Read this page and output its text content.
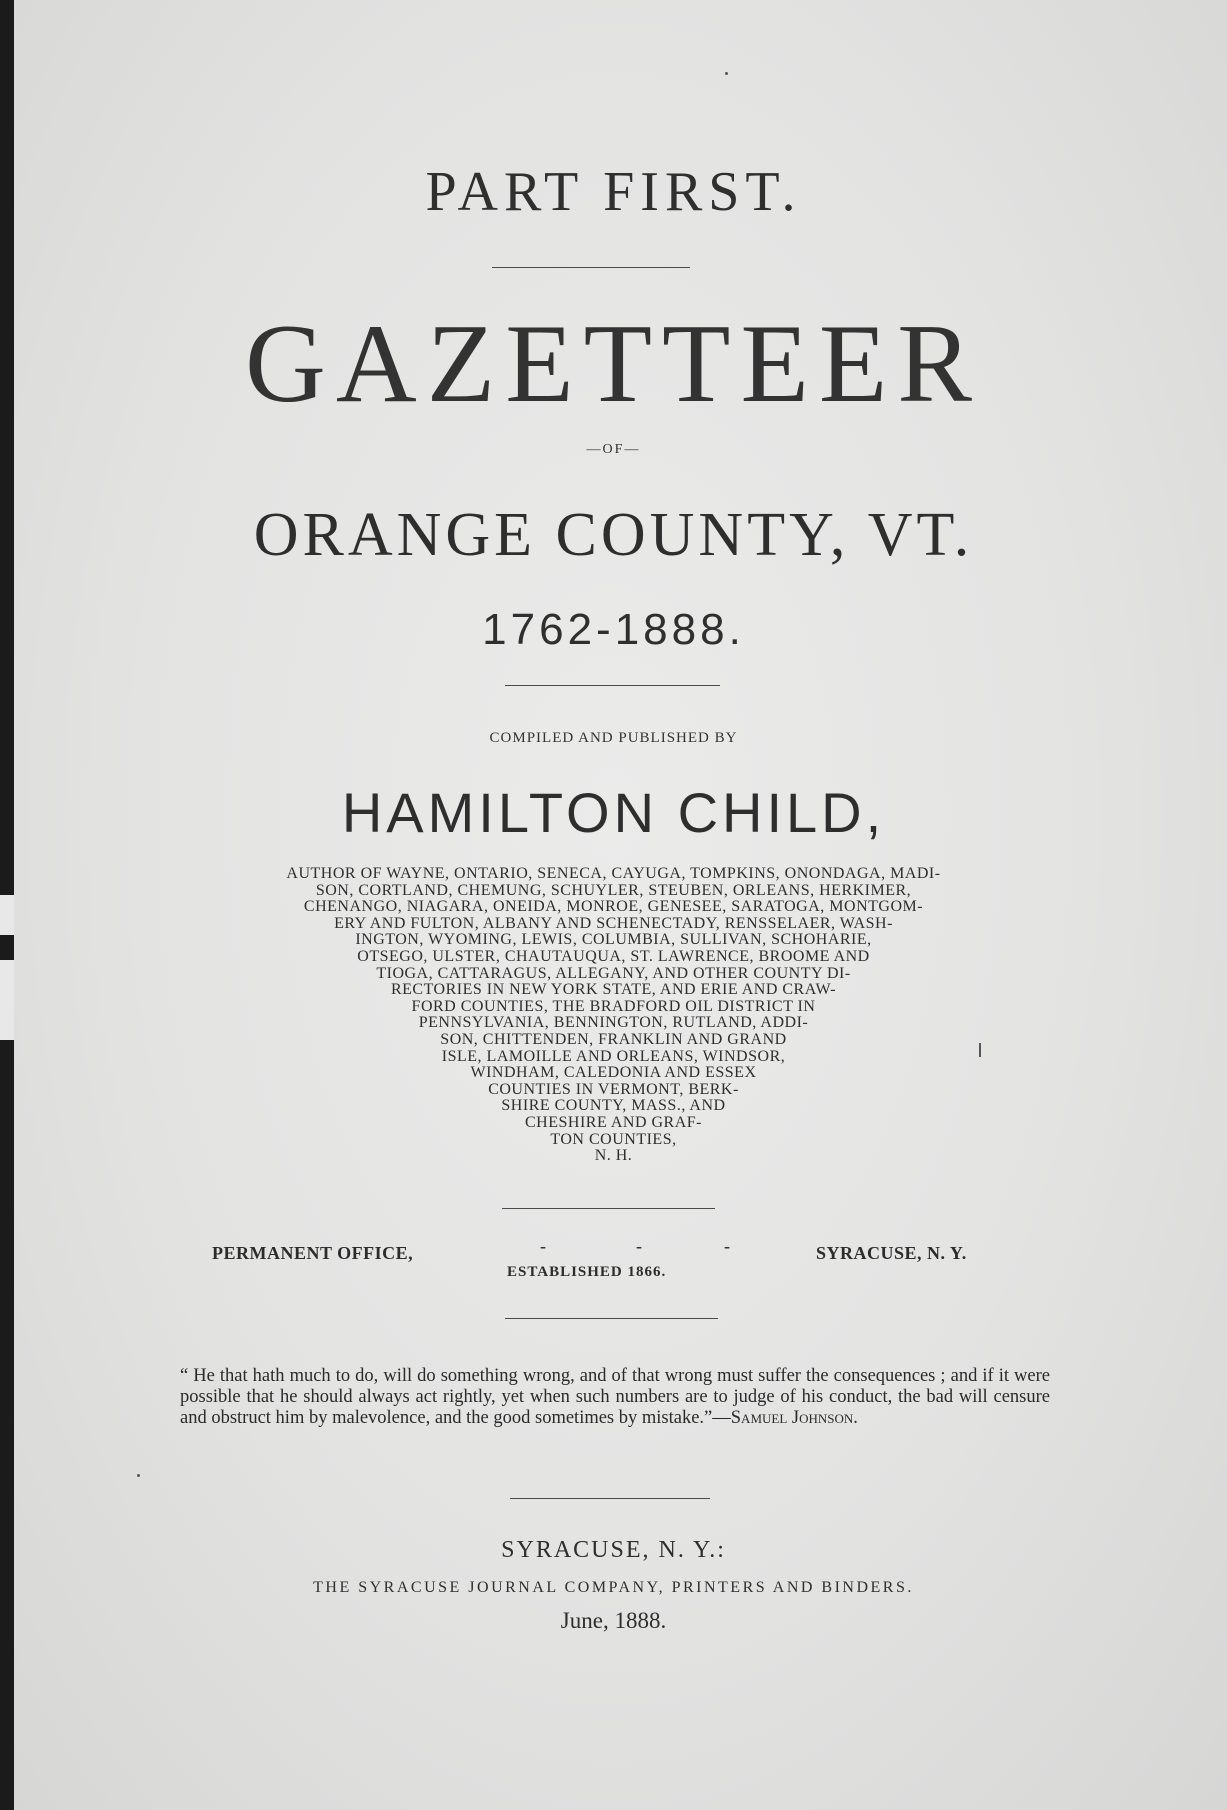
PART FIRST.
GAZETTEER
—OF—
ORANGE COUNTY, VT.
1762-1888.
COMPILED AND PUBLISHED BY
HAMILTON CHILD,
AUTHOR OF WAYNE, ONTARIO, SENECA, CAYUGA, TOMPKINS, ONONDAGA, MADI-
SON, CORTLAND, CHEMUNG, SCHUYLER, STEUBEN, ORLEANS, HERKIMER,
CHENANGO, NIAGARA, ONEIDA, MONROE, GENESEE, SARATOGA, MONTGOM-
ERY AND FULTON, ALBANY AND SCHENECTADY, RENSSELAER, WASH-
INGTON, WYOMING, LEWIS, COLUMBIA, SULLIVAN, SCHOHARIE,
OTSEGO, ULSTER, CHAUTAUQUA, ST. LAWRENCE, BROOME AND
TIOGA, CATTARAGUS, ALLEGANY, AND OTHER COUNTY DI-
RECTORIES IN NEW YORK STATE, AND ERIE AND CRAW-
FORD COUNTIES, THE BRADFORD OIL DISTRICT IN
PENNSYLVANIA, BENNINGTON, RUTLAND, ADDI-
SON, CHITTENDEN, FRANKLIN AND GRAND
ISLE, LAMOILLE AND ORLEANS, WINDSOR,
WINDHAM, CALEDONIA AND ESSEX
COUNTIES IN VERMONT, BERK-
SHIRE COUNTY, MASS., AND
CHESHIRE AND GRAF-
TON COUNTIES,
N. H.
PERMANENT OFFICE,	-	-	-
ESTABLISHED 1866.
SYRACUSE, N. Y.
“ He that hath much to do, will do something wrong, and of that wrong must suffer the consequences ; and if it were possible that he should always act rightly, yet when such numbers are to judge of his conduct, the bad will censure and obstruct him by malevolence, and the good sometimes by mistake.”—Samuel Johnson.
SYRACUSE, N. Y.:
THE SYRACUSE JOURNAL COMPANY, PRINTERS AND BINDERS.
June, 1888.
